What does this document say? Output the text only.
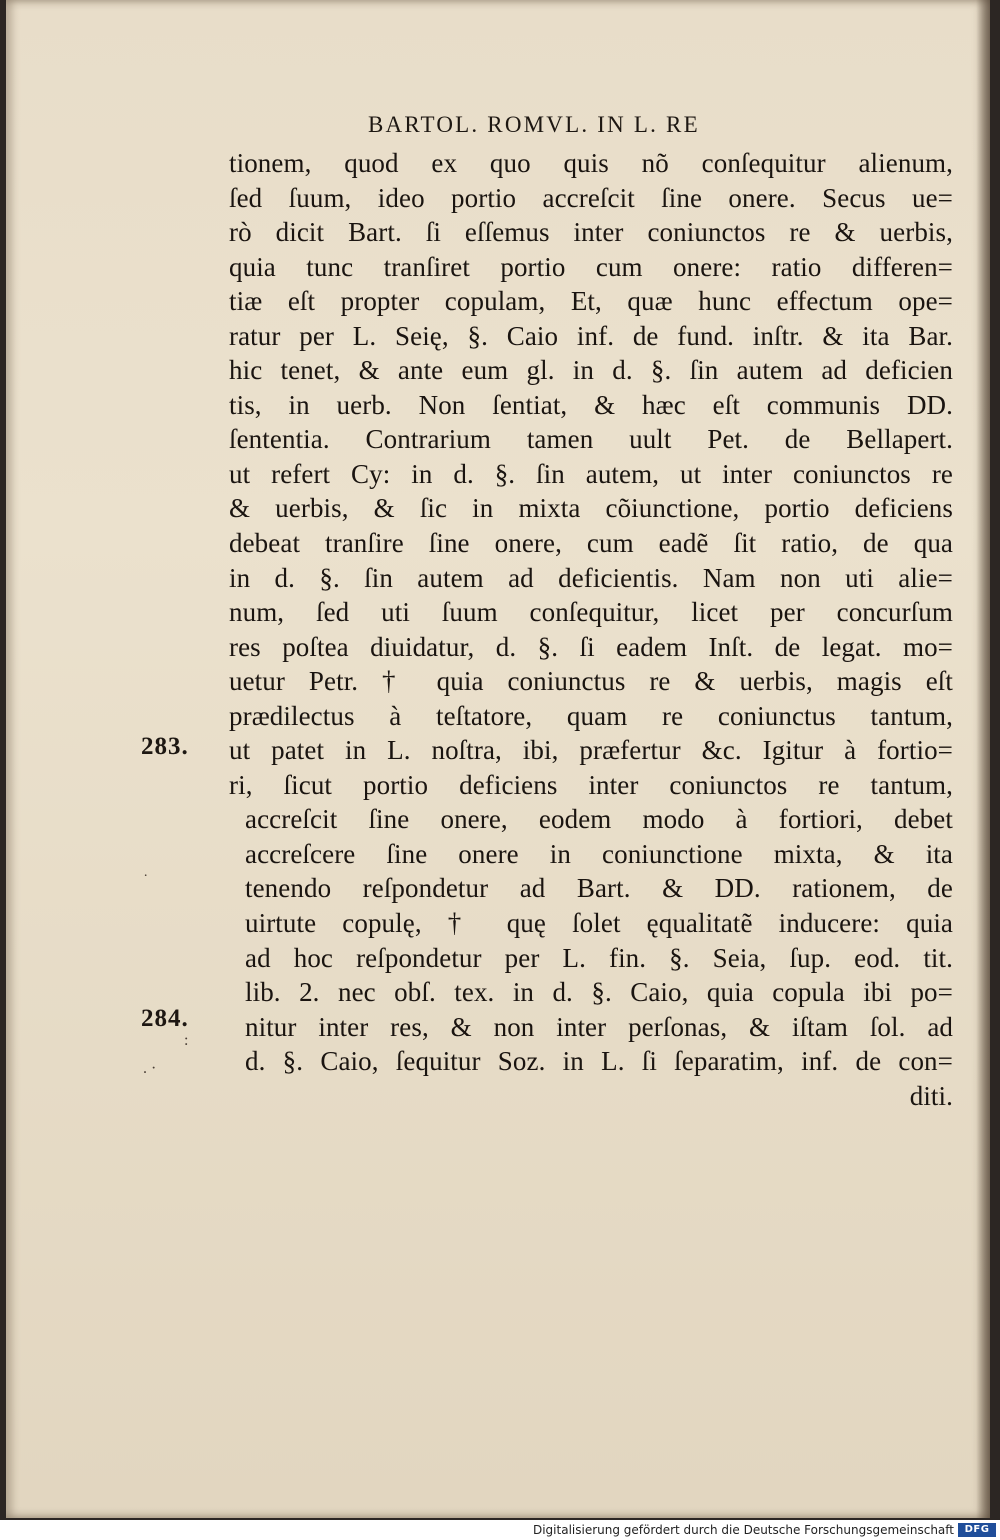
BARTOL. ROMVL. IN L. RE
tionem, quod ex quo quis nõ conſequitur alienum,
ſed ſuum, ideo portio accreſcit ſine onere. Secus ue=
rò dicit Bart. ſi eſſemus inter coniunctos re & uerbis,
quia tunc tranſiret portio cum onere: ratio differen=
tiæ eſt propter copulam, Et, quæ hunc effectum ope=
ratur per L. Seię, §. Caio inf. de fund. inſtr. & ita Bar.
hic tenet, & ante eum gl. in d. §. ſin autem ad deficien
tis, in uerb. Non ſentiat, & hæc eſt communis DD.
ſententia. Contrarium tamen uult Pet. de Bellapert.
ut refert Cy: in d. §. ſin autem, ut inter coniunctos re
& uerbis, & ſic in mixta cõiunctione, portio deficiens
debeat tranſire ſine onere, cum eadẽ ſit ratio, de qua
in d. §. ſin autem ad deficientis. Nam non uti alie=
num, ſed uti ſuum conſequitur, licet per concurſum
res poſtea diuidatur, d. §. ſi eadem Inſt. de legat. mo=
uetur Petr. † quia coniunctus re & uerbis, magis eſt
prædilectus à teſtatore, quam re coniunctus tantum,
ut patet in L. noſtra, ibi, præfertur &c. Igitur à fortio=
ri, ſicut portio deficiens inter coniunctos re tantum,
accreſcit ſine onere, eodem modo à fortiori, debet
accreſcere ſine onere in coniunctione mixta, & ita
tenendo reſpondetur ad Bart. & DD. rationem, de
uirtute copulę, † quę ſolet ęqualitatẽ inducere: quia
ad hoc reſpondetur per L. fin. §. Seia, ſup. eod. tit.
lib. 2. nec obſ. tex. in d. §. Caio, quia copula ibi po=
nitur inter res, & non inter perſonas, & iſtam ſol. ad
d. §. Caio, ſequitur Soz. in L. ſi ſeparatim, inf. de con=
diti.
283.
284.
˙
:
. ·
Digitalisierung gefördert durch die Deutsche Forschungsgemeinschaft	DFG
